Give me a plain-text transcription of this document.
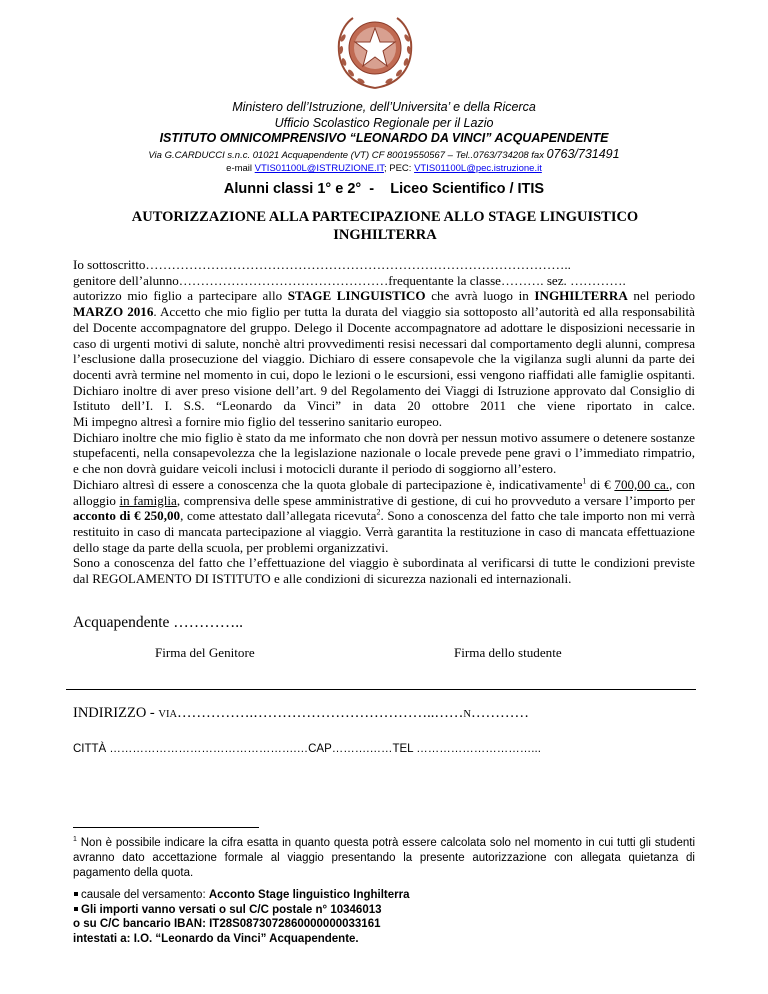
Ministero dell’Istruzione, dell’Universita’ e della Ricerca
Ufficio Scolastico Regionale per il Lazio
ISTITUTO OMNICOMPRENSIVO “LEONARDO DA VINCI” ACQUAPENDENTE
Via G.CARDUCCI s.n.c. 01021 Acquapendente (VT) CF 80019550567 – Tel..0763/734208 fax 0763/731491
e-mail VTIS01100L@ISTRUZIONE.IT; PEC: VTIS01100L@pec.istruzione.it
Alunni classi 1° e 2°  -    Liceo Scientifico / ITIS
AUTORIZZAZIONE ALLA PARTECIPAZIONE ALLO STAGE LINGUISTICO INGHILTERRA
Io sottoscritto……………………………………………………………………………………..
genitore dell’alunno…………………………………………frequentante la classe………. sez. ………….
autorizzo mio figlio a partecipare allo STAGE LINGUISTICO che avrà luogo in INGHILTERRA nel periodo MARZO 2016. Accetto che mio figlio per tutta la durata del viaggio sia sottoposto all’autorità ed alla responsabilità del Docente accompagnatore del gruppo. Delego il Docente accompagnatore ad adottare le disposizioni necessarie in caso di urgenti motivi di salute, nonchè altri provvedimenti resisi necessari dal comportamento degli alunni, compresa l’esclusione dalla prosecuzione del viaggio. Dichiaro di essere consapevole che la vigilanza sugli alunni da parte dei docenti avrà termine nel momento in cui, dopo le lezioni o le escursioni, essi vengono riaffidati alle famiglie ospitanti. Dichiaro inoltre di aver preso visione dell’art. 9 del Regolamento dei Viaggi di Istruzione approvato dal Consiglio di Istituto dell’I. I. S.S. “Leonardo da Vinci” in data 20 ottobre 2011 che viene riportato in calce.
Mi impegno altresì a fornire mio figlio del tesserino sanitario europeo.
Dichiaro inoltre che mio figlio è stato da me informato che non dovrà per nessun motivo assumere o detenere sostanze stupefacenti, nella consapevolezza che la legislazione nazionale o locale prevede pene gravi o l’immediato rimpatrio, e che non dovrà guidare veicoli inclusi i motocicli durante il periodo di soggiorno all’estero.
Dichiaro altresì di essere a conoscenza che la quota globale di partecipazione è, indicativamente$^1$ di € 700,00 ca., con alloggio in famiglia, comprensiva delle spese amministrative di gestione, di cui ho provveduto a versare l’importo per acconto di € 250,00, come attestato dall’allegata ricevuta$^2$. Sono a conoscenza del fatto che tale importo non mi verrà restituito in caso di mancata partecipazione al viaggio. Verrà garantita la restituzione in caso di mancata effettuazione dello stage da parte della scuola, per problemi organizzativi.
Sono a conoscenza del fatto che l’effettuazione del viaggio è subordinata al verificarsi di tutte le condizioni previste dal REGOLAMENTO DI ISTITUTO e alle condizioni di sicurezza nazionali ed internazionali.
Acquapendente …………..
Firma del Genitore	Firma dello studente
INDIRIZZO - VIA…………….………………………………..……N…………
CITTÀ ………………………………………….…CAP……….……TEL …………………………...
$^1$ Non è possibile indicare la cifra esatta in quanto questa potrà essere calcolata solo nel momento in cui tutti gli studenti avranno dato accettazione formale al viaggio presentando la presente autorizzazione con allegata quietanza di pagamento della quota.
causale del versamento: Acconto Stage linguistico Inghilterra
Gli importi vanno versati o sul C/C postale n° 10346013
o su C/C bancario IBAN: IT28S0873072860000000033161
intestati a: I.O. “Leonardo da Vinci” Acquapendente.
